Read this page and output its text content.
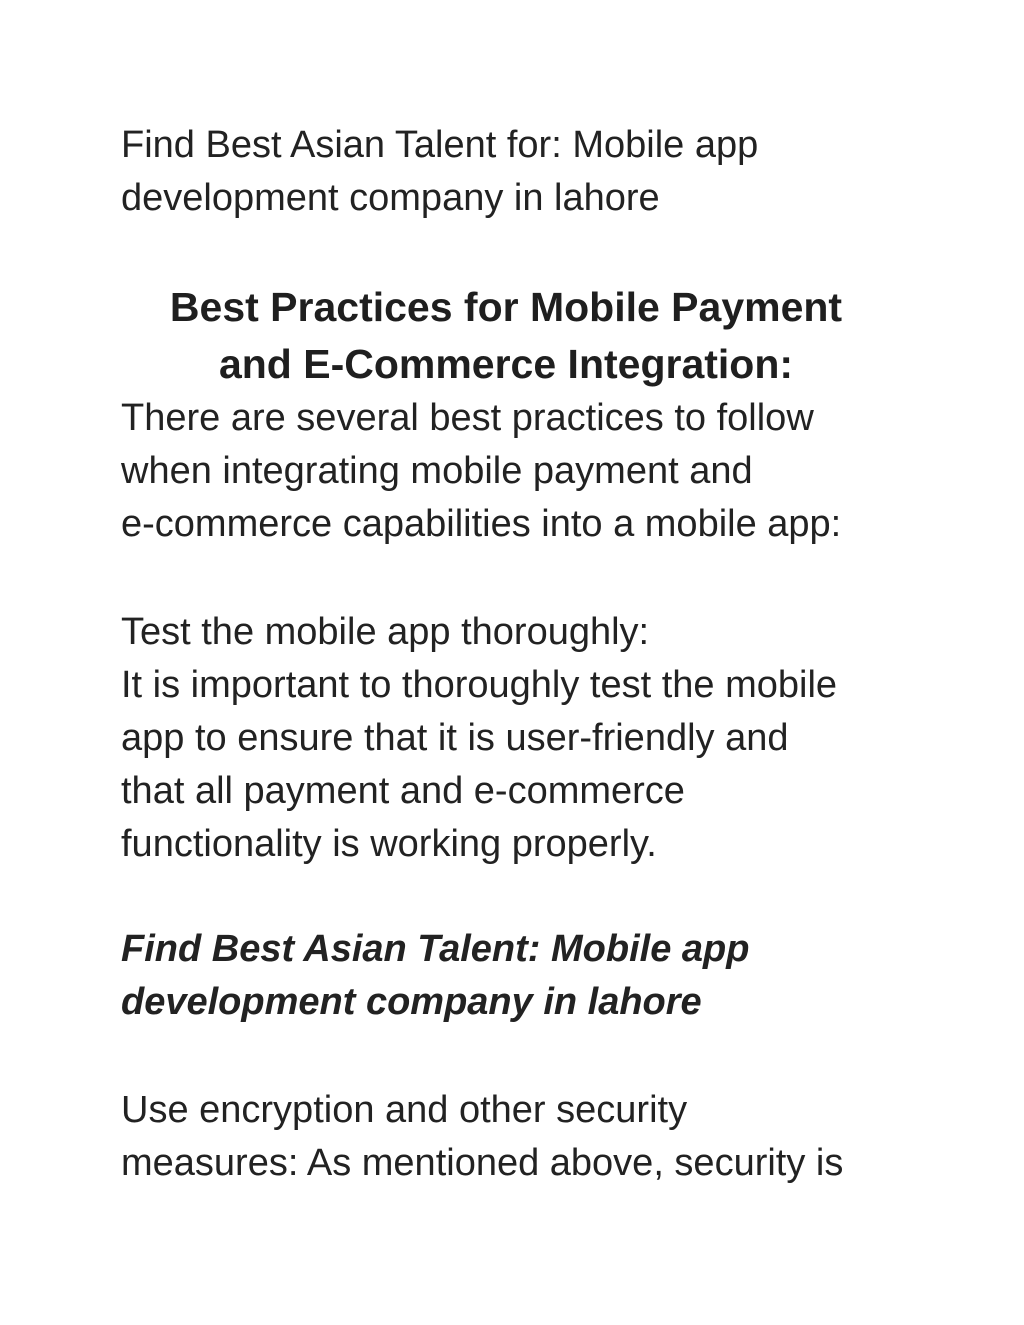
Find Best Asian Talent for: Mobile app
development company in lahore
Best Practices for Mobile Payment
and E-Commerce Integration:
There are several best practices to follow
when integrating mobile payment and
e-commerce capabilities into a mobile app:
Test the mobile app thoroughly:
It is important to thoroughly test the mobile
app to ensure that it is user-friendly and
that all payment and e-commerce
functionality is working properly.
Find Best Asian Talent: Mobile app
development company in lahore
Use encryption and other security
measures: As mentioned above, security is
